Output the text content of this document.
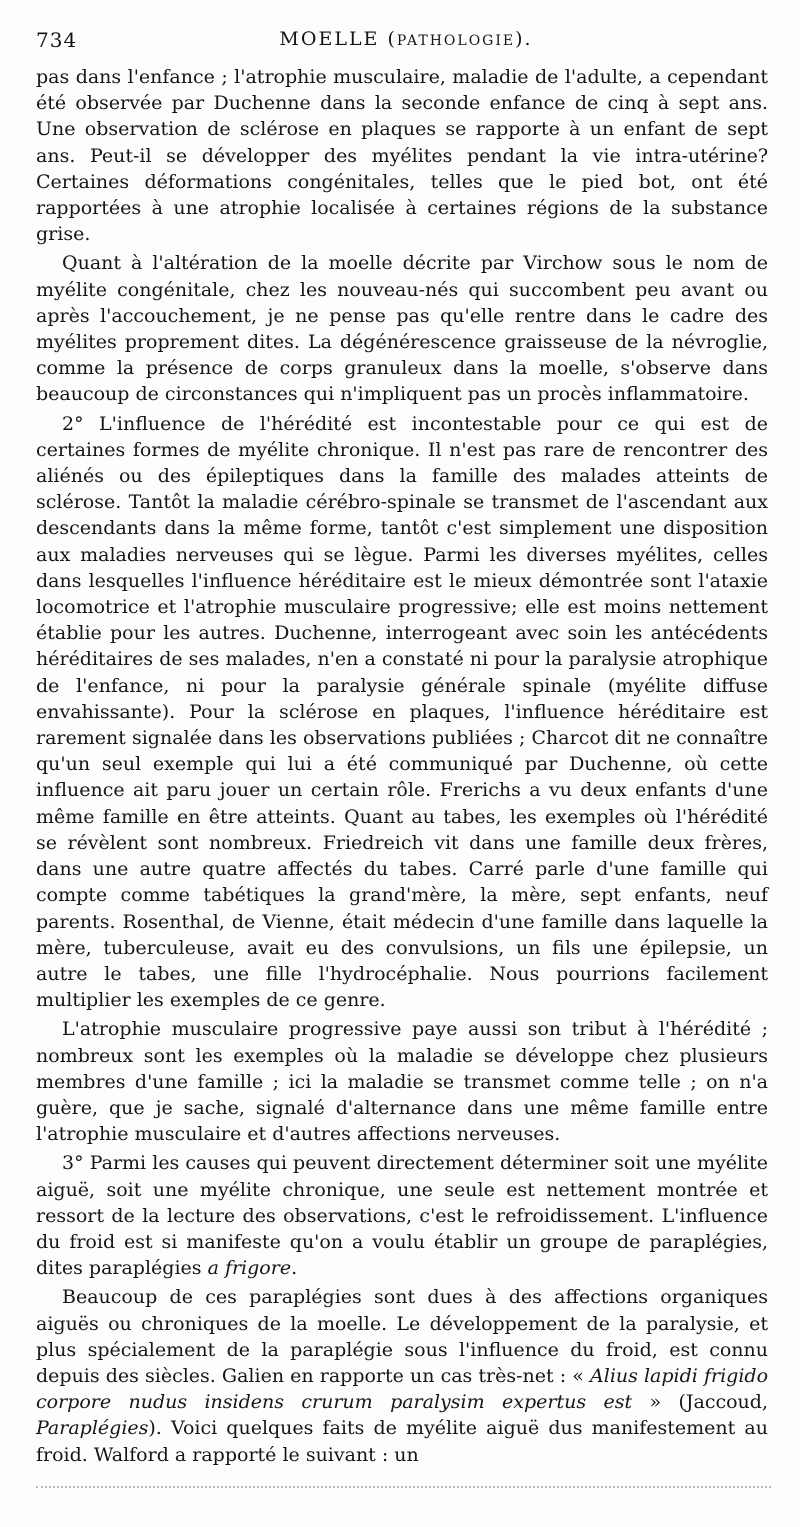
734	MOELLE (PATHOLOGIE).

pas dans l'enfance ; l'atrophie musculaire, maladie de l'adulte, a cependant été observée par Duchenne dans la seconde enfance de cinq à sept ans. Une observation de sclérose en plaques se rapporte à un enfant de sept ans. Peut-il se développer des myélites pendant la vie intra-utérine? Certaines déformations congénitales, telles que le pied bot, ont été rapportées à une atrophie localisée à certaines régions de la substance grise.

Quant à l'altération de la moelle décrite par Virchow sous le nom de myélite congénitale, chez les nouveau-nés qui succombent peu avant ou après l'accouchement, je ne pense pas qu'elle rentre dans le cadre des myélites proprement dites. La dégénérescence graisseuse de la névroglie, comme la présence de corps granuleux dans la moelle, s'observe dans beaucoup de circonstances qui n'impliquent pas un procès inflammatoire.

2° L'influence de l'hérédité est incontestable pour ce qui est de certaines formes de myélite chronique. Il n'est pas rare de rencontrer des aliénés ou des épileptiques dans la famille des malades atteints de sclérose. Tantôt la maladie cérébro-spinale se transmet de l'ascendant aux descendants dans la même forme, tantôt c'est simplement une disposition aux maladies nerveuses qui se lègue. Parmi les diverses myélites, celles dans lesquelles l'influence héréditaire est le mieux démontrée sont l'ataxie locomotrice et l'atrophie musculaire progressive; elle est moins nettement établie pour les autres. Duchenne, interrogeant avec soin les antécédents héréditaires de ses malades, n'en a constaté ni pour la paralysie atrophique de l'enfance, ni pour la paralysie générale spinale (myélite diffuse envahissante). Pour la sclérose en plaques, l'influence héréditaire est rarement signalée dans les observations publiées ; Charcot dit ne connaître qu'un seul exemple qui lui a été communiqué par Duchenne, où cette influence ait paru jouer un certain rôle. Frerichs a vu deux enfants d'une même famille en être atteints. Quant au tabes, les exemples où l'hérédité se révèlent sont nombreux. Friedreich vit dans une famille deux frères, dans une autre quatre affectés du tabes. Carré parle d'une famille qui compte comme tabétiques la grand'mère, la mère, sept enfants, neuf parents. Rosenthal, de Vienne, était médecin d'une famille dans laquelle la mère, tuberculeuse, avait eu des convulsions, un fils une épilepsie, un autre le tabes, une fille l'hydrocéphalie. Nous pourrions facilement multiplier les exemples de ce genre.

L'atrophie musculaire progressive paye aussi son tribut à l'hérédité ; nombreux sont les exemples où la maladie se développe chez plusieurs membres d'une famille ; ici la maladie se transmet comme telle ; on n'a guère, que je sache, signalé d'alternance dans une même famille entre l'atrophie musculaire et d'autres affections nerveuses.

3° Parmi les causes qui peuvent directement déterminer soit une myélite aiguë, soit une myélite chronique, une seule est nettement montrée et ressort de la lecture des observations, c'est le refroidissement. L'influence du froid est si manifeste qu'on a voulu établir un groupe de paraplégies, dites paraplégies a frigore.

Beaucoup de ces paraplégies sont dues à des affections organiques aiguës ou chroniques de la moelle. Le développement de la paralysie, et plus spécialement de la paraplégie sous l'influence du froid, est connu depuis des siècles. Galien en rapporte un cas très-net : « Alius lapidi frigido corpore nudus insidens crurum paralysim expertus est » (Jaccoud, Paraplégies). Voici quelques faits de myélite aiguë dus manifestement au froid. Walford a rapporté le suivant : un
